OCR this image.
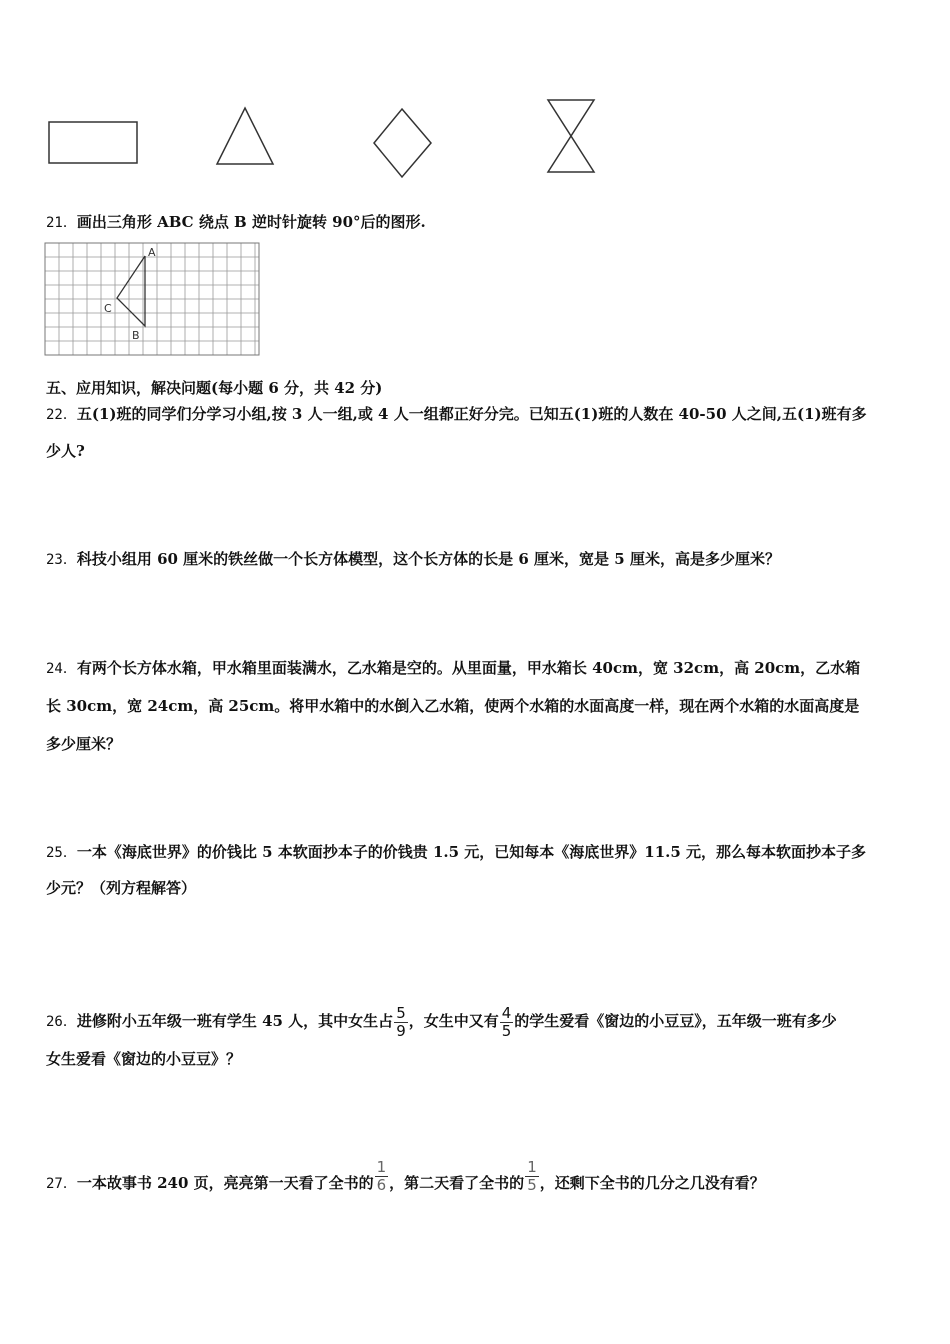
21．画出三角形 ABC 绕点 B 逆时针旋转 90°后的图形.
A
B
C
五、应用知识，解决问题(每小题 6 分，共 42 分)
22．五(1)班的同学们分学习小组,按 3 人一组,或 4 人一组都正好分完。已知五(1)班的人数在 40-50 人之间,五(1)班有多
少人?
23．科技小组用 60 厘米的铁丝做一个长方体模型，这个长方体的长是 6 厘米，宽是 5 厘米，高是多少厘米？
24．有两个长方体水箱，甲水箱里面装满水，乙水箱是空的。从里面量，甲水箱长 40cm，宽 32cm，高 20cm，乙水箱
长 30cm，宽 24cm，高 25cm。将甲水箱中的水倒入乙水箱，使两个水箱的水面高度一样，现在两个水箱的水面高度是
多少厘米？
25．一本《海底世界》的价钱比 5 本软面抄本子的价钱贵 1.5 元，已知每本《海底世界》11.5 元，那么每本软面抄本子多
少元？（列方程解答）
26．进修附小五年级一班有学生 45 人，其中女生占 $\frac{5}{9}$ ，女生中又有 $\frac{4}{5}$ 的学生爱看《窗边的小豆豆》，五年级一班有多少
女生爱看《窗边的小豆豆》？
27．一本故事书 240 页，亮亮第一天看了全书的 $\frac{1}{6}$ ，第二天看了全书的 $\frac{1}{5}$ ，还剩下全书的几分之几没有看？
